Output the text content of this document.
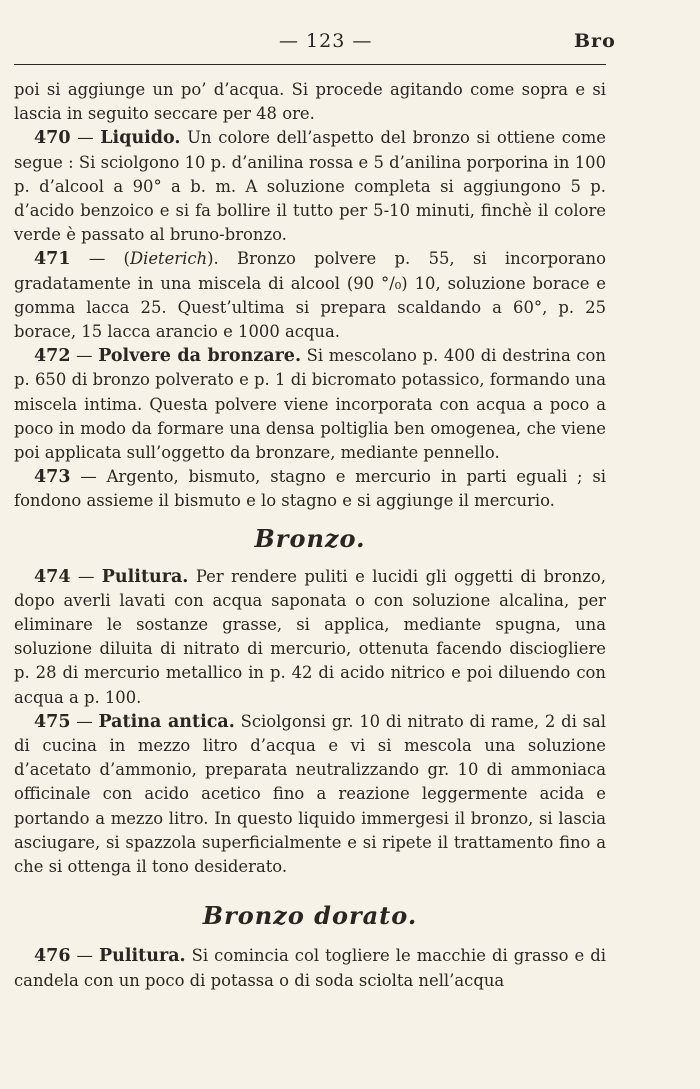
— 123 —	Bro

poi si aggiunge un po’ d’acqua. Si procede agitando come sopra e si lascia in seguito seccare per 48 ore.

470 — Liquido. Un colore dell’aspetto del bronzo si ottiene come segue : Si sciolgono 10 p. d’anilina rossa e 5 d’anilina porporina in 100 p. d’alcool a 90° a b. m. A soluzione completa si aggiungono 5 p. d’acido benzoico e si fa bollire il tutto per 5-10 minuti, finchè il colore verde è passato al bruno-bronzo.

471 — (Dieterich). Bronzo polvere p. 55, si incorporano gradatamente in una miscela di alcool (90 °/₀) 10, soluzione borace e gomma lacca 25. Quest’ultima si prepara scaldando a 60°, p. 25 borace, 15 lacca arancio e 1000 acqua.

472 — Polvere da bronzare. Si mescolano p. 400 di destrina con p. 650 di bronzo polverato e p. 1 di bicromato potassico, formando una miscela intima. Questa polvere viene incorporata con acqua a poco a poco in modo da formare una densa poltiglia ben omogenea, che viene poi applicata sull’oggetto da bronzare, mediante pennello.

473 — Argento, bismuto, stagno e mercurio in parti eguali ; si fondono assieme il bismuto e lo stagno e si aggiunge il mercurio.

Bronzo.

474 — Pulitura. Per rendere puliti e lucidi gli oggetti di bronzo, dopo averli lavati con acqua saponata o con soluzione alcalina, per eliminare le sostanze grasse, si applica, mediante spugna, una soluzione diluita di nitrato di mercurio, ottenuta facendo disciogliere p. 28 di mercurio metallico in p. 42 di acido nitrico e poi diluendo con acqua a p. 100.

475 — Patina antica. Sciolgonsi gr. 10 di nitrato di rame, 2 di sal di cucina in mezzo litro d’acqua e vi si mescola una soluzione d’acetato d’ammonio, preparata neutralizzando gr. 10 di ammoniaca officinale con acido acetico fino a reazione leggermente acida e portando a mezzo litro. In questo liquido immergesi il bronzo, si lascia asciugare, si spazzola superficialmente e si ripete il trattamento fino a che si ottenga il tono desiderato.

Bronzo dorato.

476 — Pulitura. Si comincia col togliere le macchie di grasso e di candela con un poco di potassa o di soda sciolta nell’acqua
